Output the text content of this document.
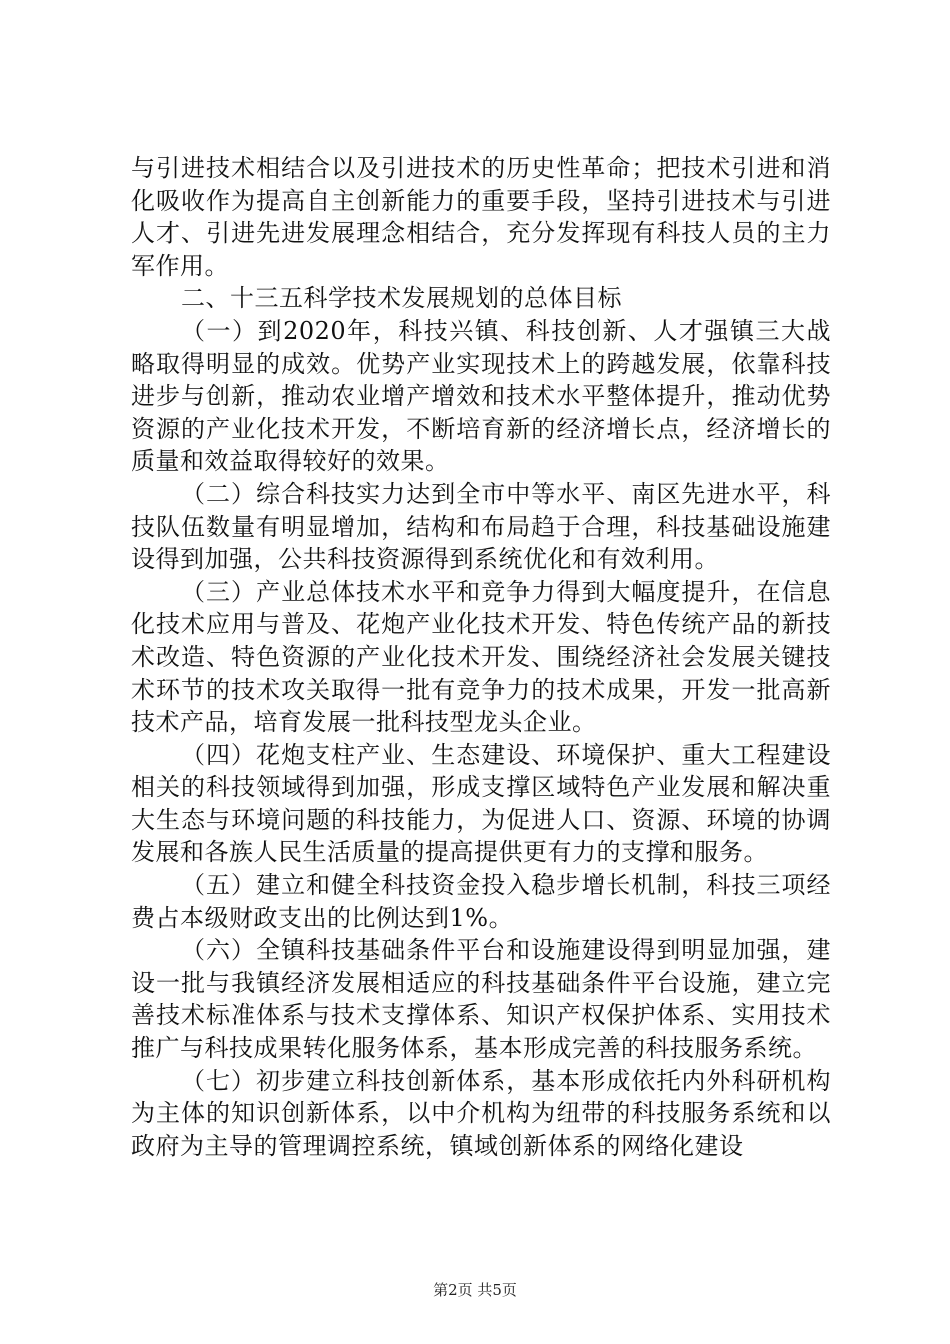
与引进技术相结合以及引进技术的历史性革命；把技术引进和消化吸收作为提高自主创新能力的重要手段，坚持引进技术与引进人才、引进先进发展理念相结合，充分发挥现有科技人员的主力军作用。

二、十三五科学技术发展规划的总体目标

（一）到2020年，科技兴镇、科技创新、人才强镇三大战略取得明显的成效。优势产业实现技术上的跨越发展，依靠科技进步与创新，推动农业增产增效和技术水平整体提升，推动优势资源的产业化技术开发，不断培育新的经济增长点，经济增长的质量和效益取得较好的效果。

（二）综合科技实力达到全市中等水平、南区先进水平，科技队伍数量有明显增加，结构和布局趋于合理，科技基础设施建设得到加强，公共科技资源得到系统优化和有效利用。

（三）产业总体技术水平和竞争力得到大幅度提升，在信息化技术应用与普及、花炮产业化技术开发、特色传统产品的新技术改造、特色资源的产业化技术开发、围绕经济社会发展关键技术环节的技术攻关取得一批有竞争力的技术成果，开发一批高新技术产品，培育发展一批科技型龙头企业。

（四）花炮支柱产业、生态建设、环境保护、重大工程建设相关的科技领域得到加强，形成支撑区域特色产业发展和解决重大生态与环境问题的科技能力，为促进人口、资源、环境的协调发展和各族人民生活质量的提高提供更有力的支撑和服务。

（五）建立和健全科技资金投入稳步增长机制，科技三项经费占本级财政支出的比例达到1%。

（六）全镇科技基础条件平台和设施建设得到明显加强，建设一批与我镇经济发展相适应的科技基础条件平台设施，建立完善技术标准体系与技术支撑体系、知识产权保护体系、实用技术推广与科技成果转化服务体系，基本形成完善的科技服务系统。

（七）初步建立科技创新体系，基本形成依托内外科研机构为主体的知识创新体系，以中介机构为纽带的科技服务系统和以政府为主导的管理调控系统，镇域创新体系的网络化建设

第2页 共5页
